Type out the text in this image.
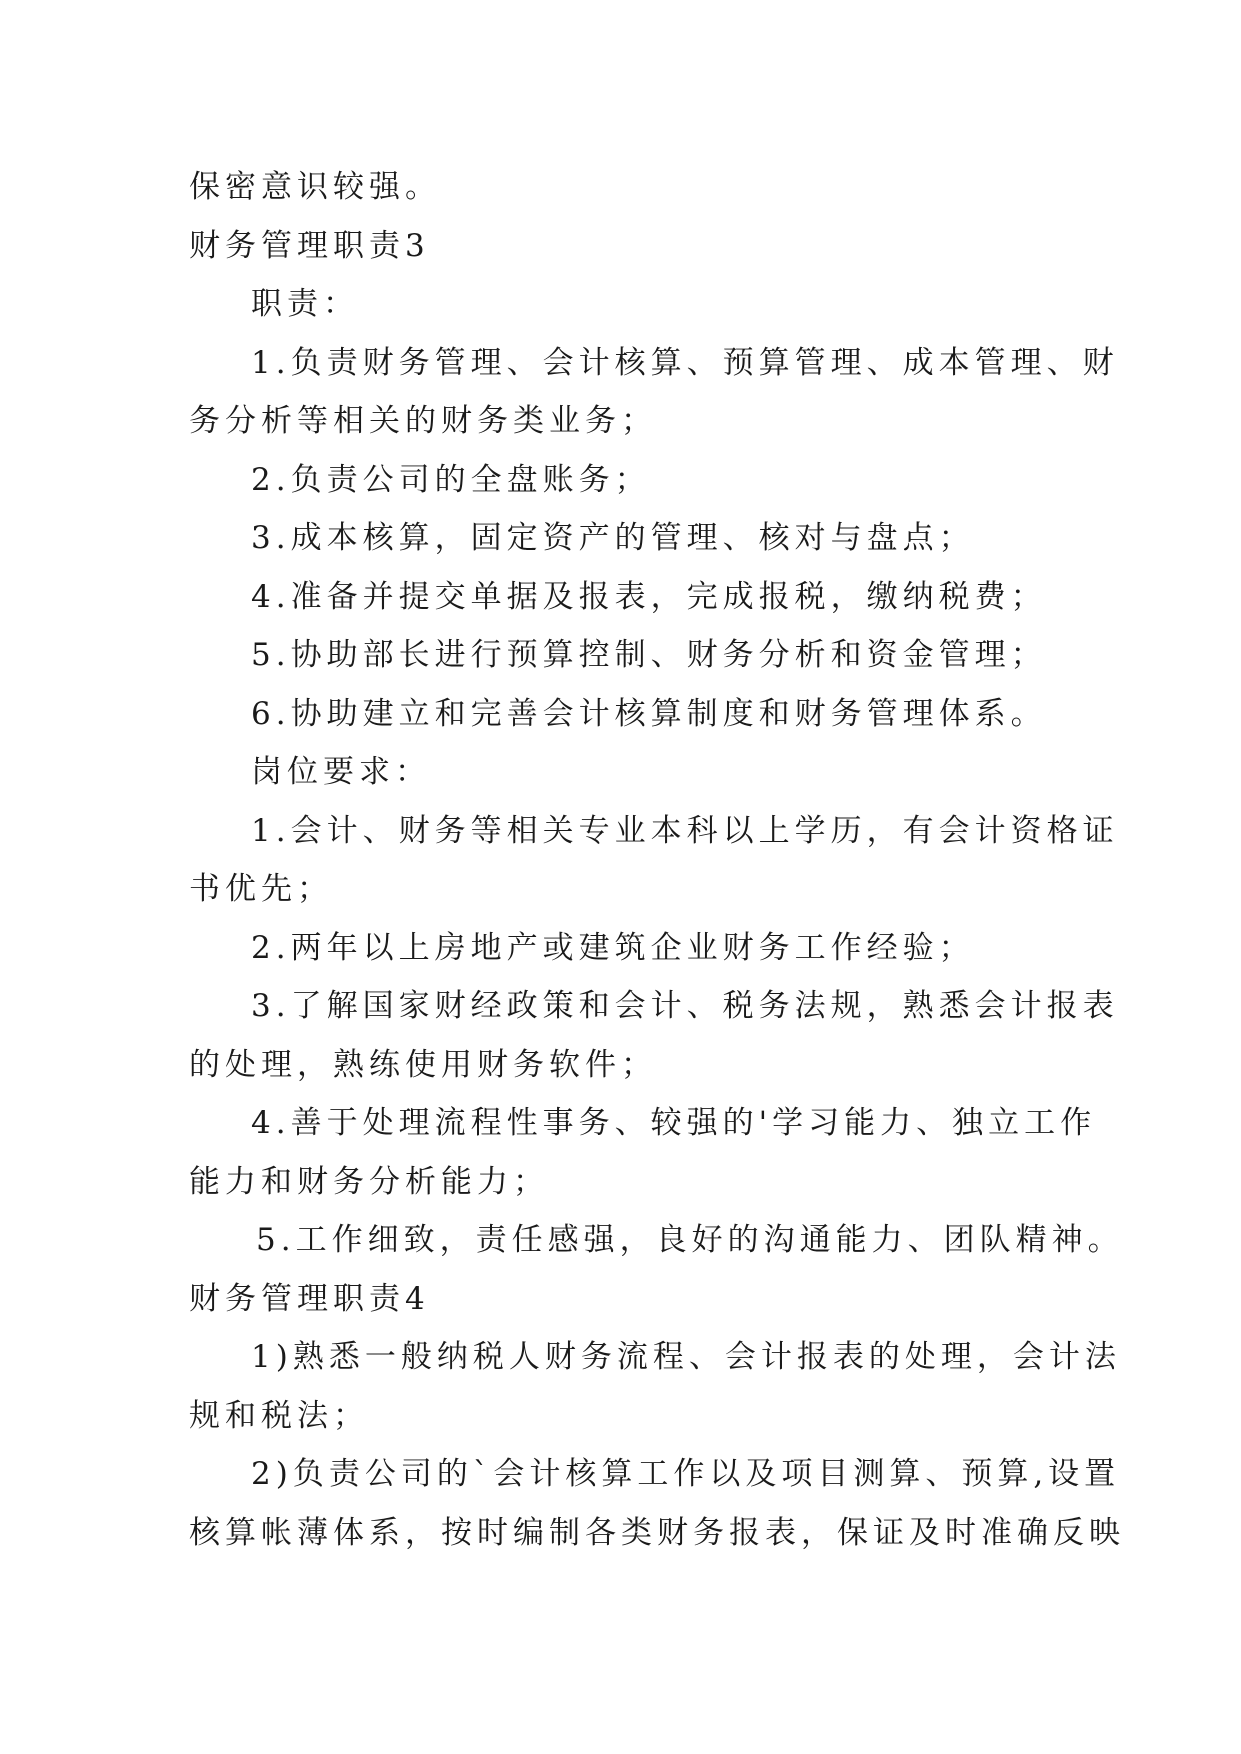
保密意识较强。
财务管理职责3
职责：
1.负责财务管理、会计核算、预算管理、成本管理、财
务分析等相关的财务类业务；
2.负责公司的全盘账务；
3.成本核算，固定资产的管理、核对与盘点；
4.准备并提交单据及报表，完成报税，缴纳税费；
5.协助部长进行预算控制、财务分析和资金管理；
6.协助建立和完善会计核算制度和财务管理体系。
岗位要求：
1.会计、财务等相关专业本科以上学历，有会计资格证
书优先；
2.两年以上房地产或建筑企业财务工作经验；
3.了解国家财经政策和会计、税务法规，熟悉会计报表
的处理，熟练使用财务软件；
4.善于处理流程性事务、较强的'学习能力、独立工作
能力和财务分析能力；
5.工作细致，责任感强，良好的沟通能力、团队精神。
财务管理职责4
1)熟悉一般纳税人财务流程、会计报表的处理，会计法
规和税法；
2)负责公司的`会计核算工作以及项目测算、预算,设置
核算帐薄体系，按时编制各类财务报表，保证及时准确反映
